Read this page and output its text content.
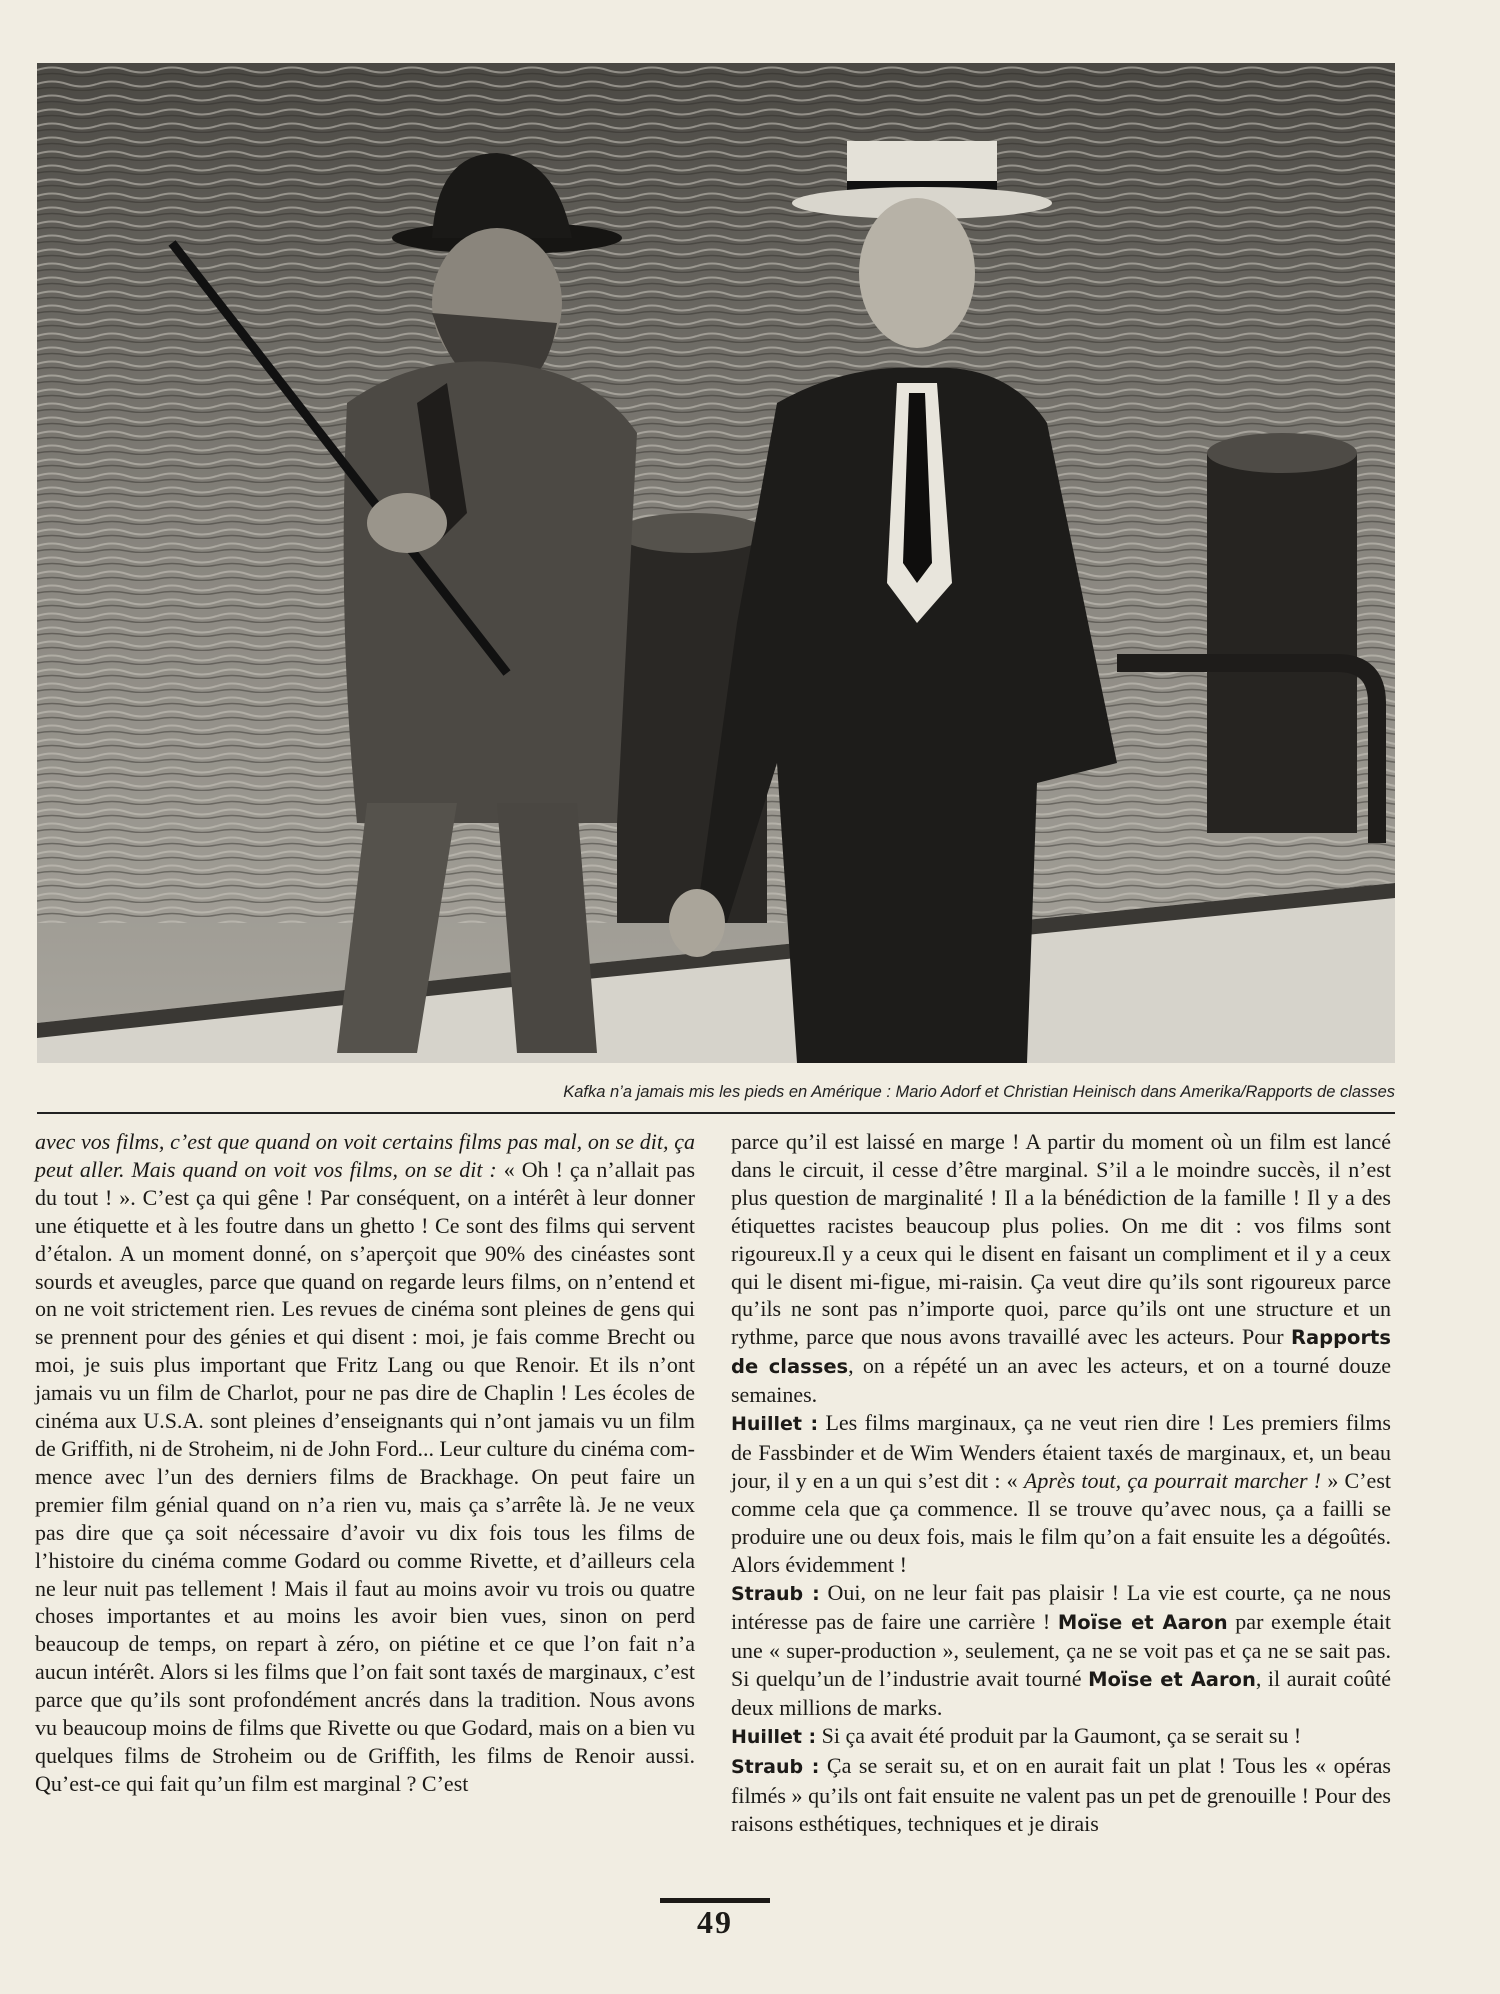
Kafka n’a jamais mis les pieds en Amérique : Mario Adorf et Christian Heinisch dans Amerika/Rapports de classes

avec vos films, c’est que quand on voit certains films pas mal, on se dit, ça peut aller. Mais quand on voit vos films, on se dit : « Oh ! ça n’allait pas du tout ! ». C’est ça qui gêne ! Par conséquent, on a intérêt à leur donner une étiquette et à les foutre dans un ghetto ! Ce sont des films qui servent d’étalon. A un moment donné, on s’aperçoit que 90% des cinéastes sont sourds et aveugles, parce que quand on regarde leurs films, on n’entend et on ne voit strictement rien. Les revues de cinéma sont pleines de gens qui se prennent pour des génies et qui disent : moi, je fais comme Brecht ou moi, je suis plus important que Fritz Lang ou que Renoir. Et ils n’ont jamais vu un film de Charlot, pour ne pas dire de Chaplin ! Les écoles de cinéma aux U.S.A. sont pleines d’enseignants qui n’ont jamais vu un film de Griffith, ni de Stroheim, ni de John Ford... Leur culture du cinéma commence avec l’un des derniers films de Brackhage. On peut faire un premier film génial quand on n’a rien vu, mais ça s’arrête là. Je ne veux pas dire que ça soit nécessaire d’avoir vu dix fois tous les films de l’histoire du cinéma comme Godard ou comme Rivette, et d’ailleurs cela ne leur nuit pas tellement ! Mais il faut au moins avoir vu trois ou quatre choses importantes et au moins les avoir bien vues, sinon on perd beaucoup de temps, on repart à zéro, on piétine et ce que l’on fait n’a aucun intérêt. Alors si les films que l’on fait sont taxés de marginaux, c’est parce que qu’ils sont profondément ancrés dans la tradition. Nous avons vu beaucoup moins de films que Rivette ou que Godard, mais on a bien vu quelques films de Stroheim ou de Griffith, les films de Renoir aussi. Qu’est-ce qui fait qu’un film est marginal ? C’est

parce qu’il est laissé en marge ! A partir du moment où un film est lancé dans le circuit, il cesse d’être marginal. S’il a le moindre succès, il n’est plus question de marginalité ! Il a la bénédiction de la famille ! Il y a des étiquettes racistes beaucoup plus polies. On me dit : vos films sont rigoureux.Il y a ceux qui le disent en faisant un compliment et il y a ceux qui le disent mi-figue, mi-raisin. Ça veut dire qu’ils sont rigoureux parce qu’ils ne sont pas n’importe quoi, parce qu’ils ont une structure et un rythme, parce que nous avons travaillé avec les acteurs. Pour Rapports de classes, on a répété un an avec les acteurs, et on a tourné douze semaines.

Huillet : Les films marginaux, ça ne veut rien dire ! Les premiers films de Fassbinder et de Wim Wenders étaient taxés de marginaux, et, un beau jour, il y en a un qui s’est dit : « Après tout, ça pourrait marcher ! » C’est comme cela que ça commence. Il se trouve qu’avec nous, ça a failli se produire une ou deux fois, mais le film qu’on a fait ensuite les a dégoûtés. Alors évidemment !

Straub : Oui, on ne leur fait pas plaisir ! La vie est courte, ça ne nous intéresse pas de faire une carrière ! Moïse et Aaron par exemple était une « super-production », seulement, ça ne se voit pas et ça ne se sait pas. Si quelqu’un de l’industrie avait tourné Moïse et Aaron, il aurait coûté deux millions de marks.

Huillet : Si ça avait été produit par la Gaumont, ça se serait su !

Straub : Ça se serait su, et on en aurait fait un plat ! Tous les « opéras filmés » qu’ils ont fait ensuite ne valent pas un pet de grenouille ! Pour des raisons esthétiques, techniques et je dirais

49
